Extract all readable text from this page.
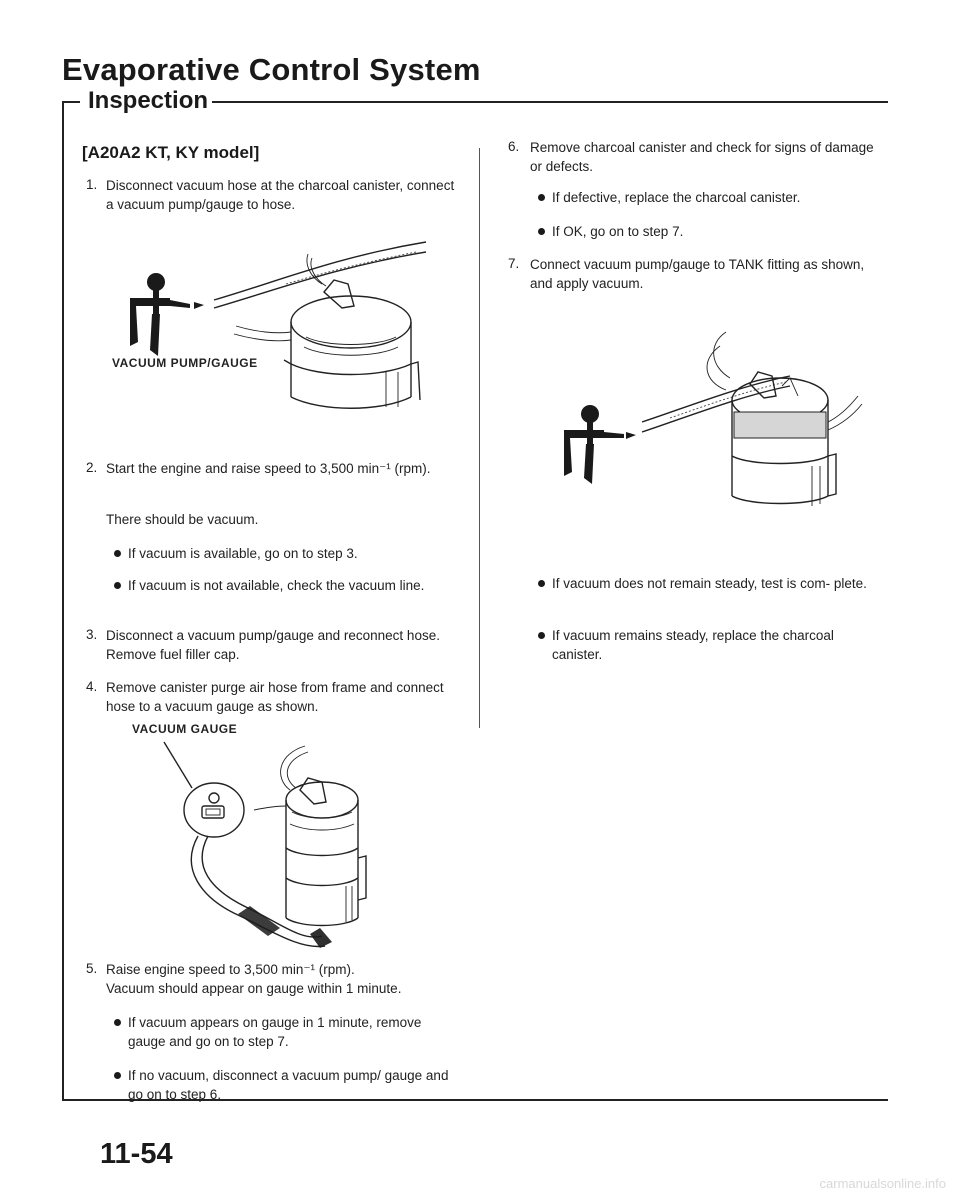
Evaporative Control System
Inspection
[A20A2 KT, KY model]
1. Disconnect vacuum hose at the charcoal canister, connect a vacuum pump/gauge to hose.
VACUUM PUMP/GAUGE
2. Start the engine and raise speed to 3,500 min⁻¹ (rpm).
There should be vacuum.
If vacuum is available, go on to step 3.
If vacuum is not available, check the vacuum line.
3. Disconnect a vacuum pump/gauge and reconnect hose. Remove fuel filler cap.
4. Remove canister purge air hose from frame and connect hose to a vacuum gauge as shown.
VACUUM GAUGE
5. Raise engine speed to 3,500 min⁻¹ (rpm).
Vacuum should appear on gauge within 1 minute.
If vacuum appears on gauge in 1 minute, remove gauge and go on to step 7.
If no vacuum, disconnect a vacuum pump/ gauge and go on to step 6.
6. Remove charcoal canister and check for signs of damage or defects.
If defective, replace the charcoal canister.
If OK, go on to step 7.
7. Connect vacuum pump/gauge to TANK fitting as shown, and apply vacuum.
If vacuum does not remain steady, test is com- plete.
If vacuum remains steady, replace the charcoal canister.
11-54
carmanualsonline.info
